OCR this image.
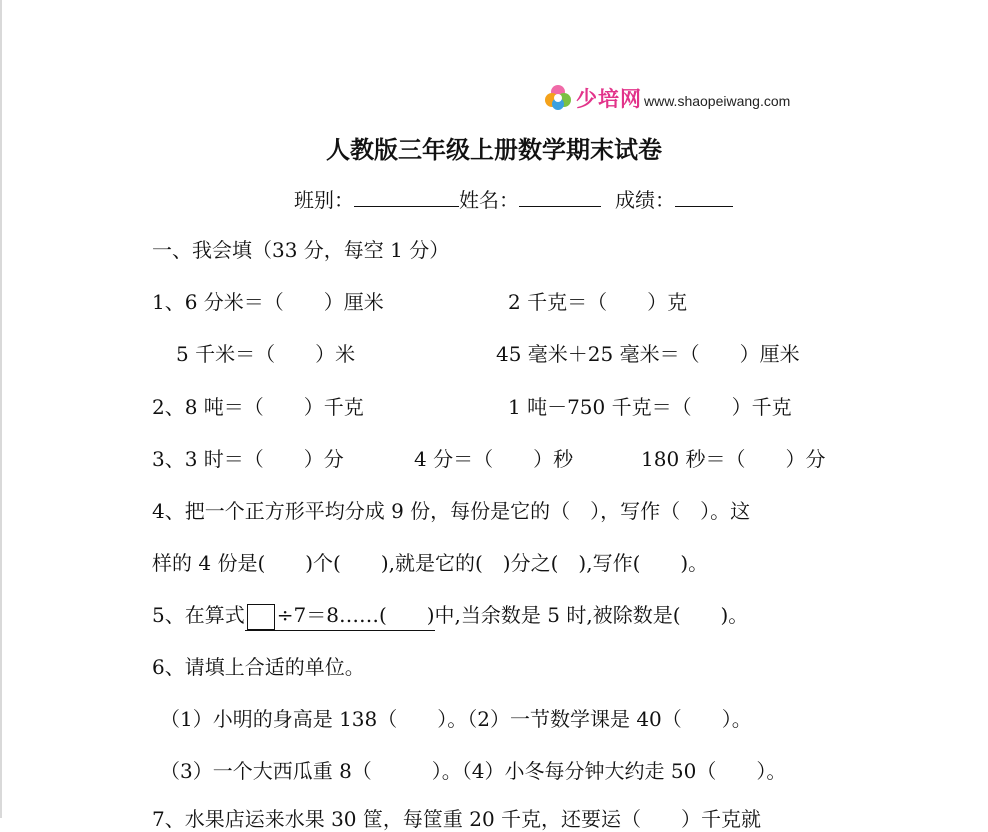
少培网 www.shaopeiwang.com
人教版三年级上册数学期末试卷
班别：	姓名：	成绩：
一、我会填（33 分，每空 1 分）
1、6 分米＝（　　）厘米	2 千克＝（　　）克
5 千米＝（　　）米	45 毫米＋25 毫米＝（　　）厘米
2、8 吨＝（　　）千克	1 吨－750 千克＝（　　）千克
3、3 时＝（　　）分	4 分＝（　　）秒	180 秒＝（　　）分
4、把一个正方形平均分成 9 份，每份是它的（　），写作（　）。这
样的 4 份是(　　)个(　　),就是它的(　)分之(　),写作(　　)。
5、在算式 ÷7＝8……(　　)中,当余数是 5 时,被除数是(　　)。
6、请填上合适的单位。
（1）小明的身高是 138（　　）。（2）一节数学课是 40（　　）。
（3）一个大西瓜重 8（　　　）。（4）小冬每分钟大约走 50（　　）。
7、水果店运来水果 30 筐，每筐重 20 千克，还要运（　　）千克就
